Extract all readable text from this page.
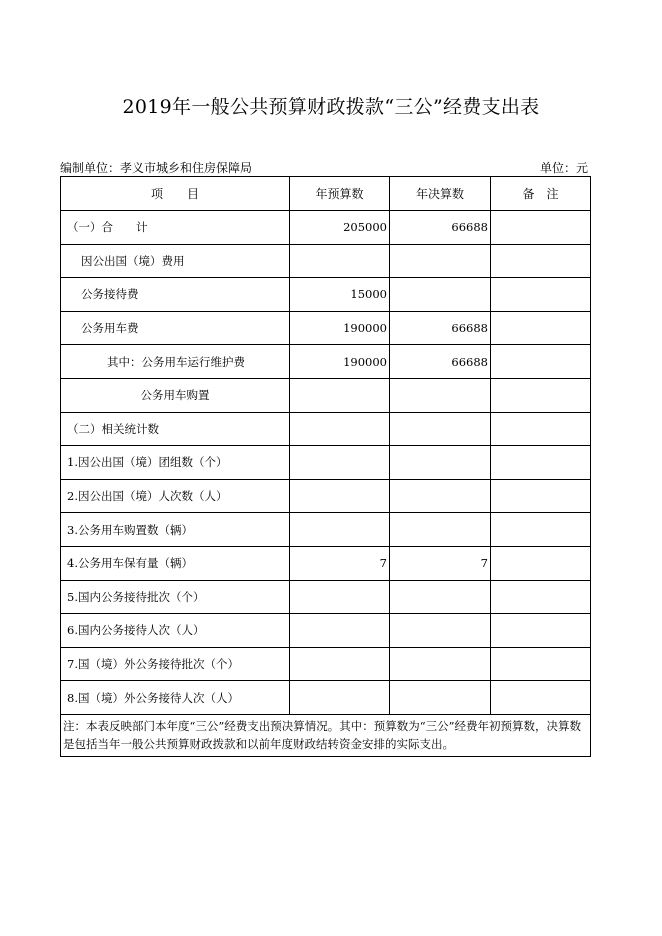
2019年一般公共预算财政拨款“三公”经费支出表
编制单位：孝义市城乡和住房保障局	单位：元
项　　目	年预算数	年决算数	备　注
（一）合　　计	205000	66688	
因公出国（境）费用			
公务接待费	15000		
公务用车费	190000	66688	
其中：公务用车运行维护费	190000	66688	
公务用车购置			
（二）相关统计数			
1.因公出国（境）团组数（个）			
2.因公出国（境）人次数（人）			
3.公务用车购置数（辆）			
4.公务用车保有量（辆）	7	7	
5.国内公务接待批次（个）			
6.国内公务接待人次（人）			
7.国（境）外公务接待批次（个）			
8.国（境）外公务接待人次（人）			
注：本表反映部门本年度“三公”经费支出预决算情况。其中：预算数为“三公”经费年初预算数，决算数是包括当年一般公共预算财政拨款和以前年度财政结转资金安排的实际支出。			
